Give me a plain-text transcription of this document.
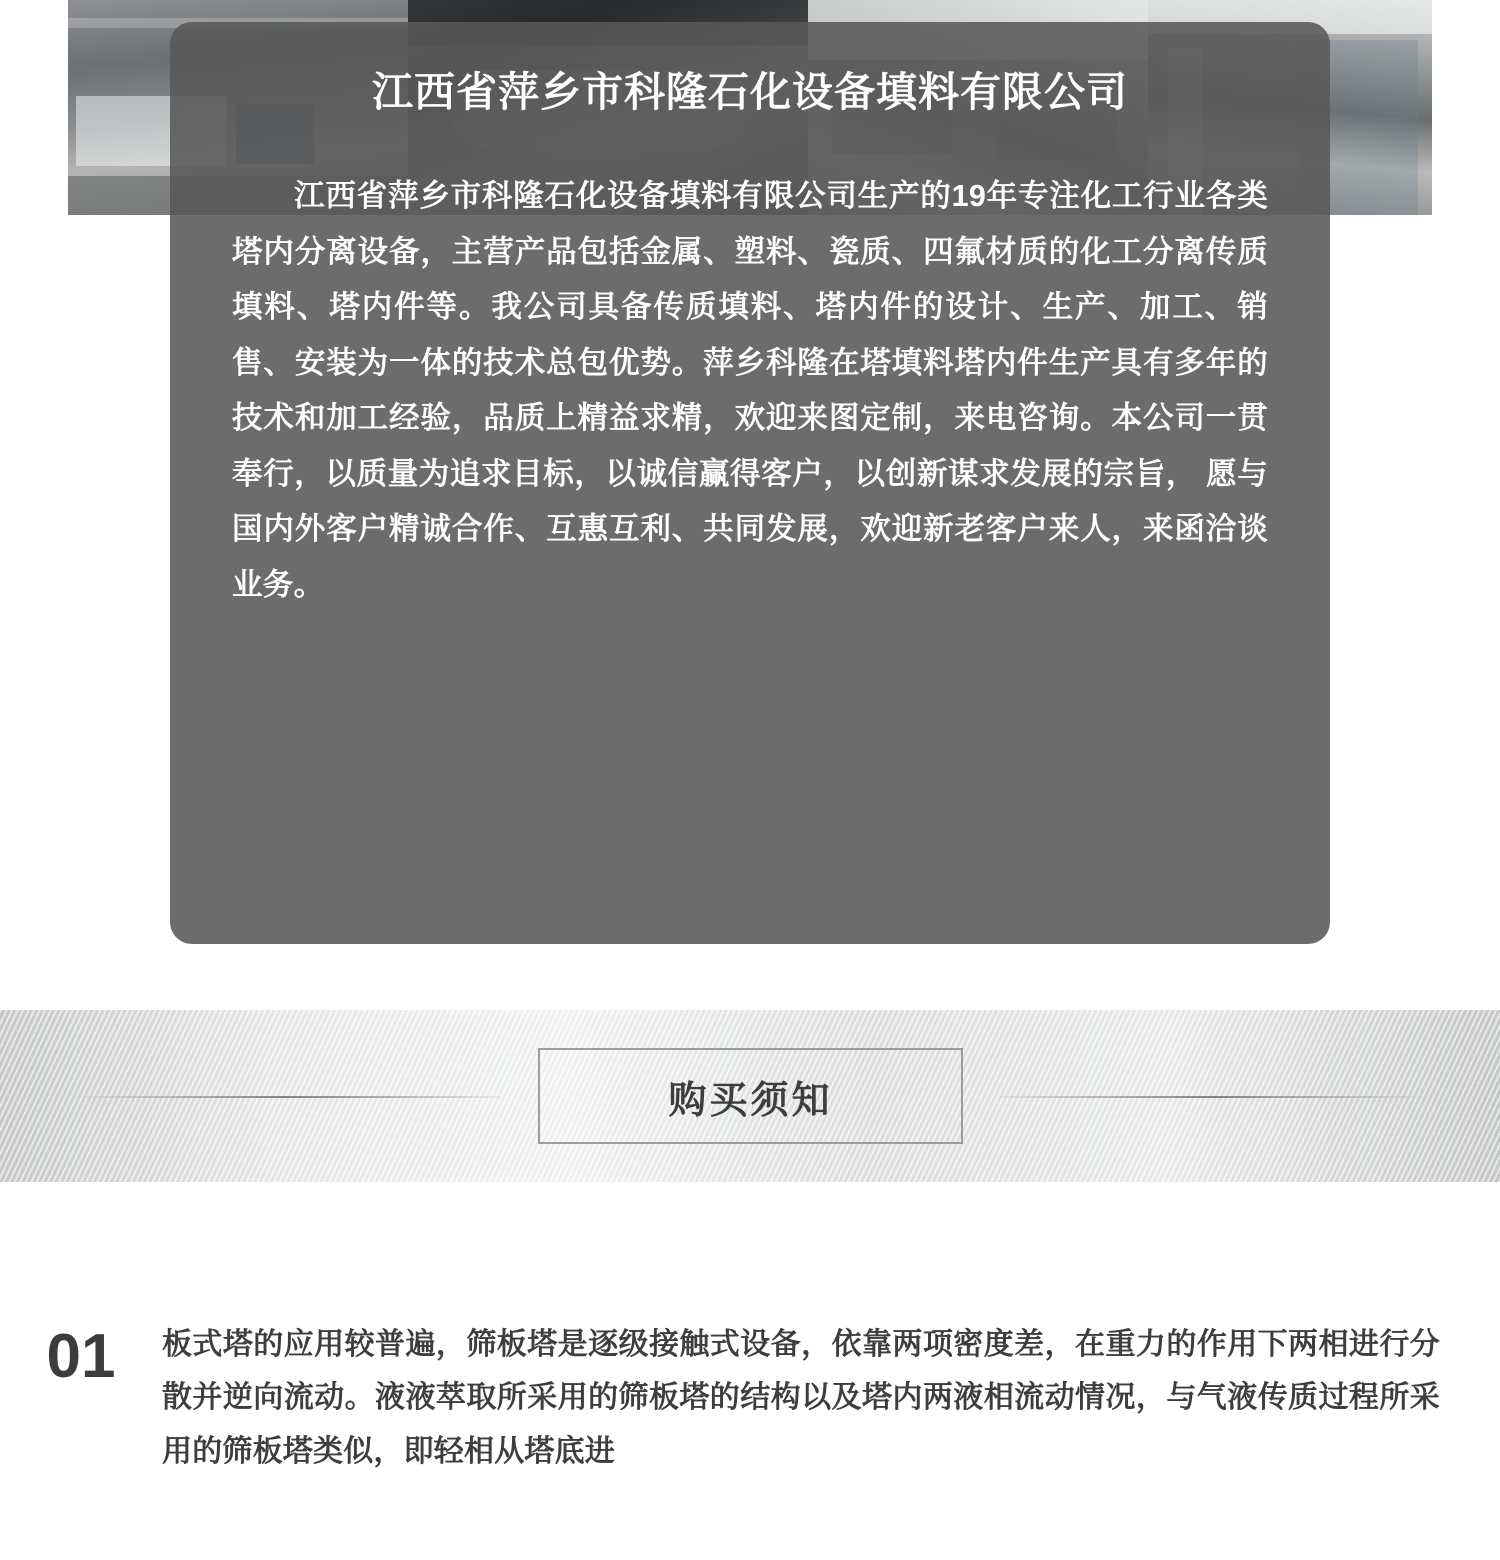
江西省萍乡市科隆石化设备填料有限公司

江西省萍乡市科隆石化设备填料有限公司生产的19年专注化工行业各类塔内分离设备，主营产品包括金属、塑料、瓷质、四氟材质的化工分离传质填料、塔内件等。我公司具备传质填料、塔内件的设计、生产、加工、销售、安装为一体的技术总包优势。萍乡科隆在塔填料塔内件生产具有多年的技术和加工经验，品质上精益求精，欢迎来图定制，来电咨询。本公司一贯奉行，以质量为追求目标，以诚信赢得客户，以创新谋求发展的宗旨， 愿与国内外客户精诚合作、互惠互利、共同发展，欢迎新老客户来人，来函洽谈业务。

购买须知
01	板式塔的应用较普遍，筛板塔是逐级接触式设备，依靠两项密度差，在重力的作用下两相进行分散并逆向流动。液液萃取所采用的筛板塔的结构以及塔内两液相流动情况，与气液传质过程所采用的筛板塔类似，即轻相从塔底进
